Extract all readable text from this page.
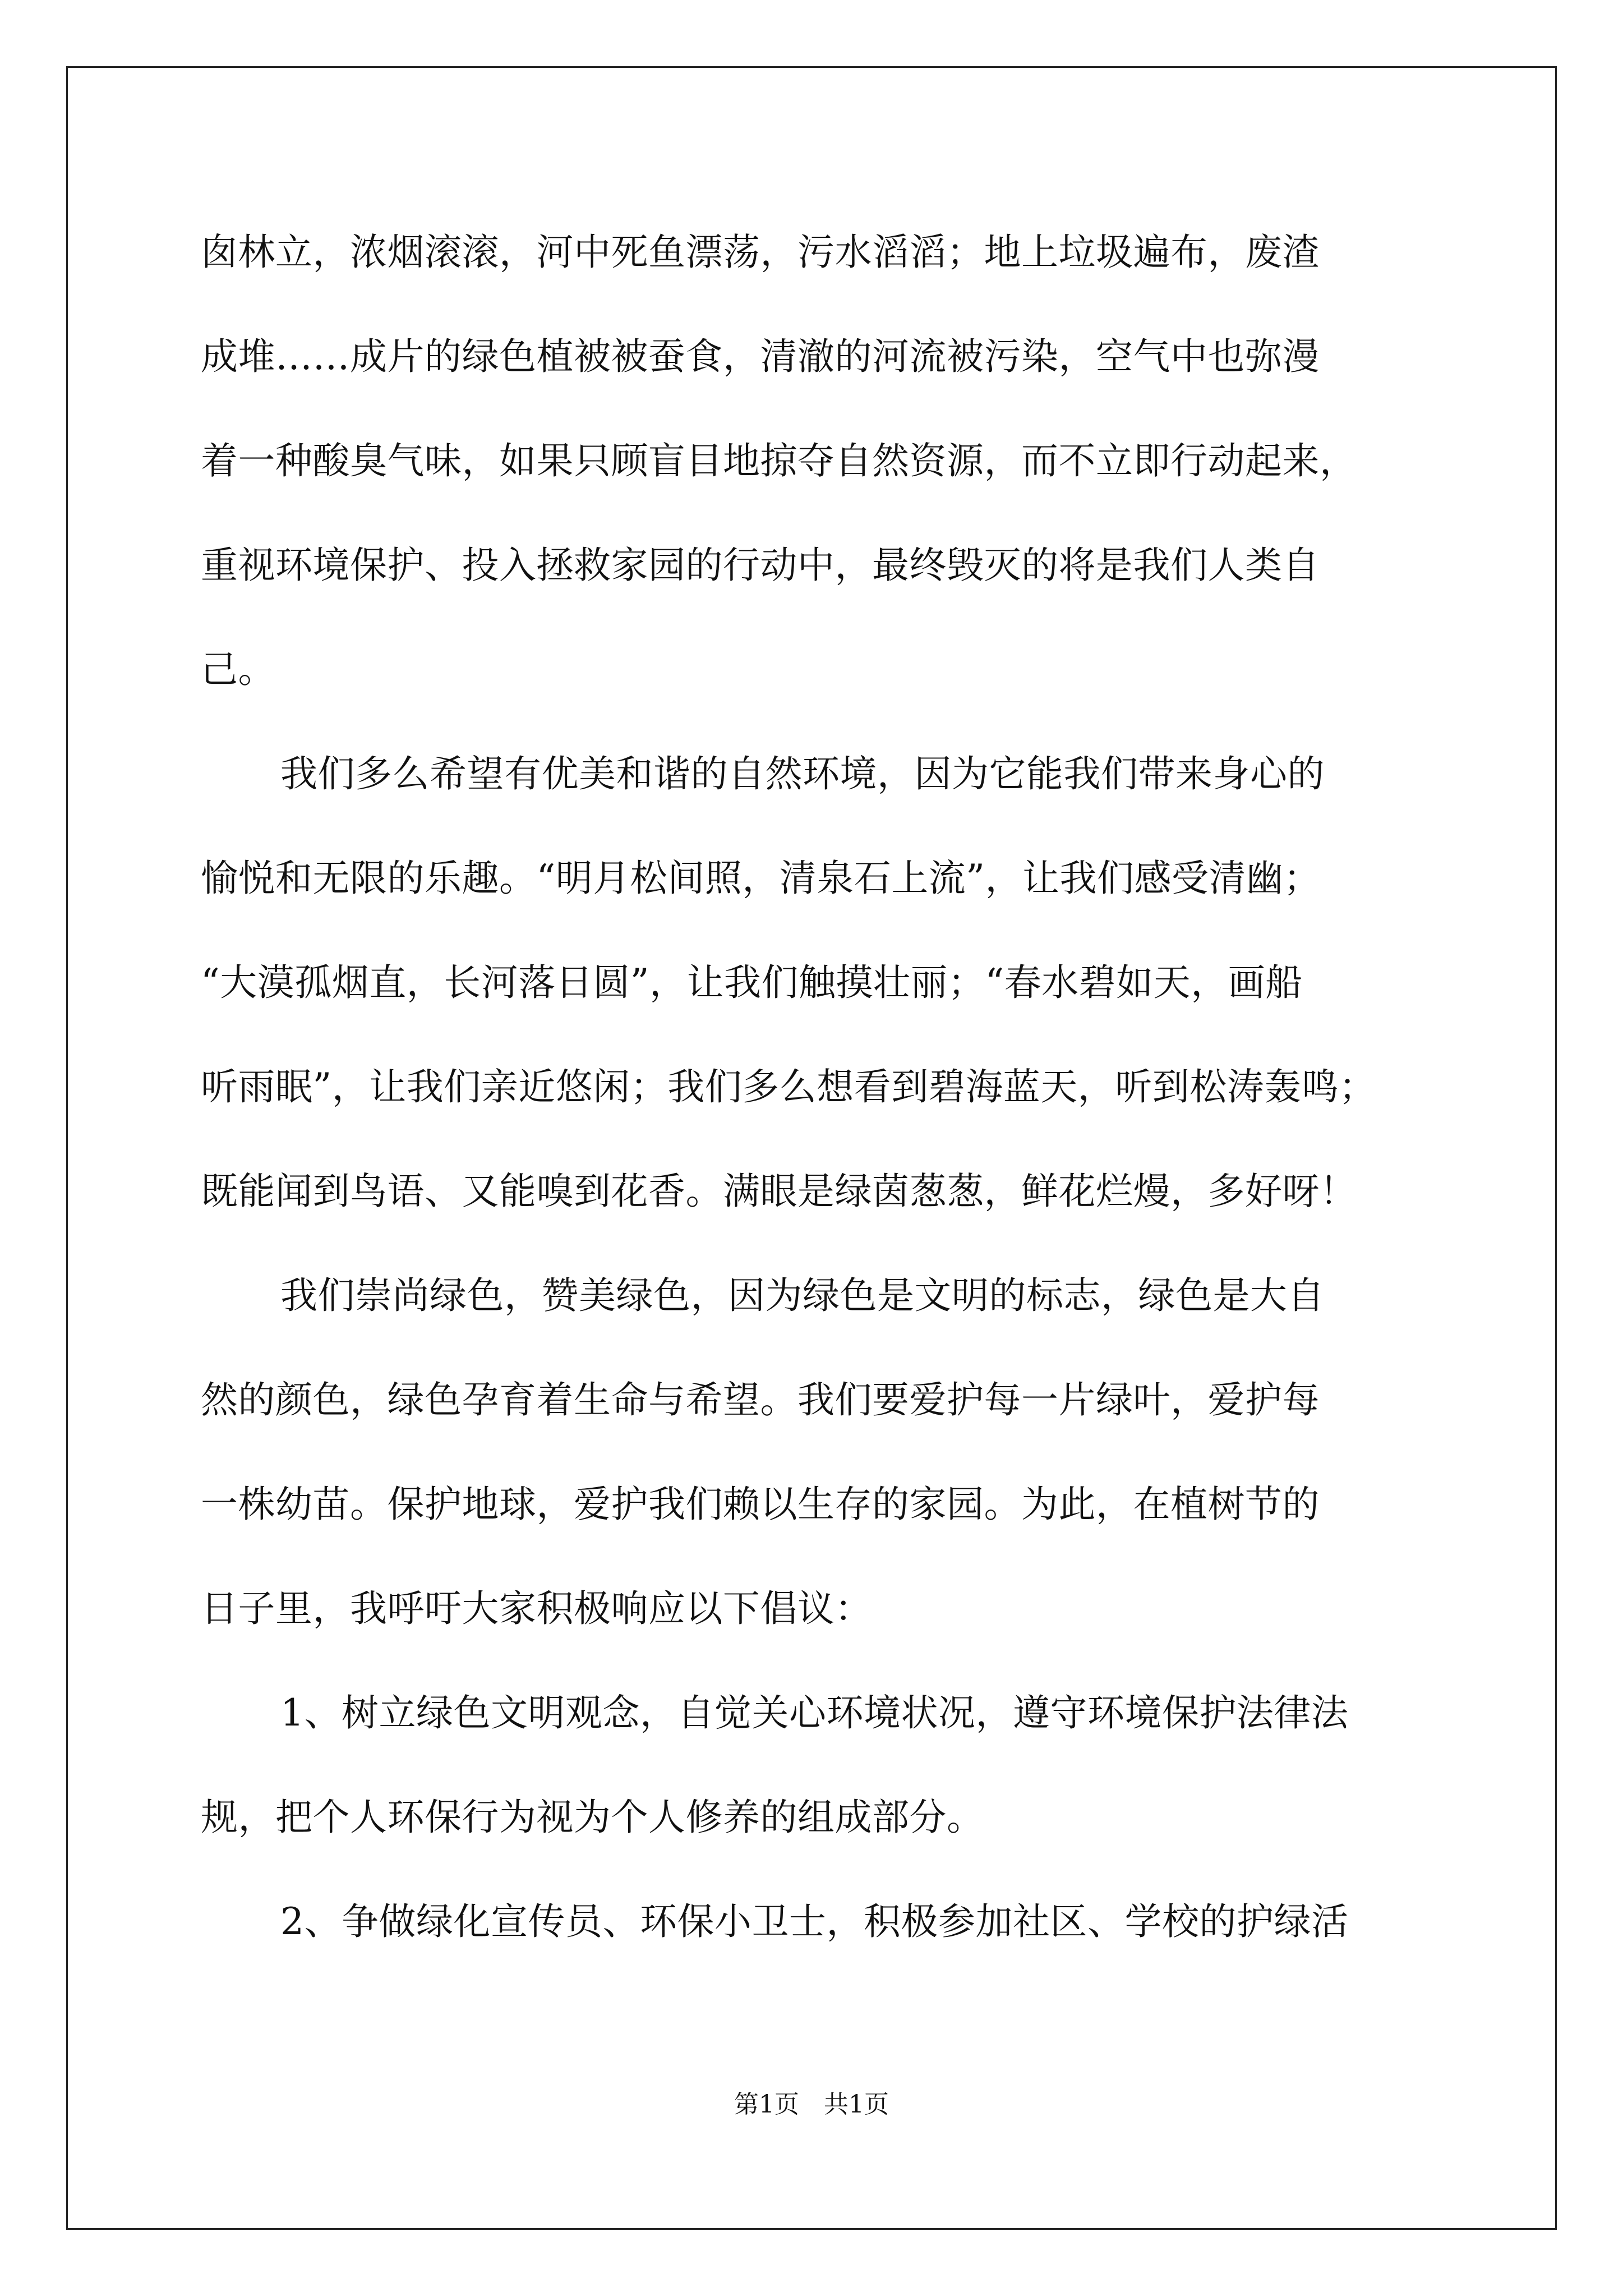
囱林立，浓烟滚滚，河中死鱼漂荡，污水滔滔；地上垃圾遍布，废渣
成堆……成片的绿色植被被蚕食，清澈的河流被污染，空气中也弥漫
着一种酸臭气味，如果只顾盲目地掠夺自然资源，而不立即行动起来，
重视环境保护、投入拯救家园的行动中，最终毁灭的将是我们人类自
己。
我们多么希望有优美和谐的自然环境，因为它能我们带来身心的
愉悦和无限的乐趣。“明月松间照，清泉石上流”，让我们感受清幽；
“大漠孤烟直，长河落日圆”，让我们触摸壮丽；“春水碧如天，画船
听雨眠”，让我们亲近悠闲；我们多么想看到碧海蓝天，听到松涛轰鸣；
既能闻到鸟语、又能嗅到花香。满眼是绿茵葱葱，鲜花烂熳，多好呀！
我们崇尚绿色，赞美绿色，因为绿色是文明的标志，绿色是大自
然的颜色，绿色孕育着生命与希望。我们要爱护每一片绿叶，爱护每
一株幼苗。保护地球，爱护我们赖以生存的家园。为此，在植树节的
日子里，我呼吁大家积极响应以下倡议：
1、树立绿色文明观念，自觉关心环境状况，遵守环境保护法律法
规，把个人环保行为视为个人修养的组成部分。
2、争做绿化宣传员、环保小卫士，积极参加社区、学校的护绿活
第1页　共1页
